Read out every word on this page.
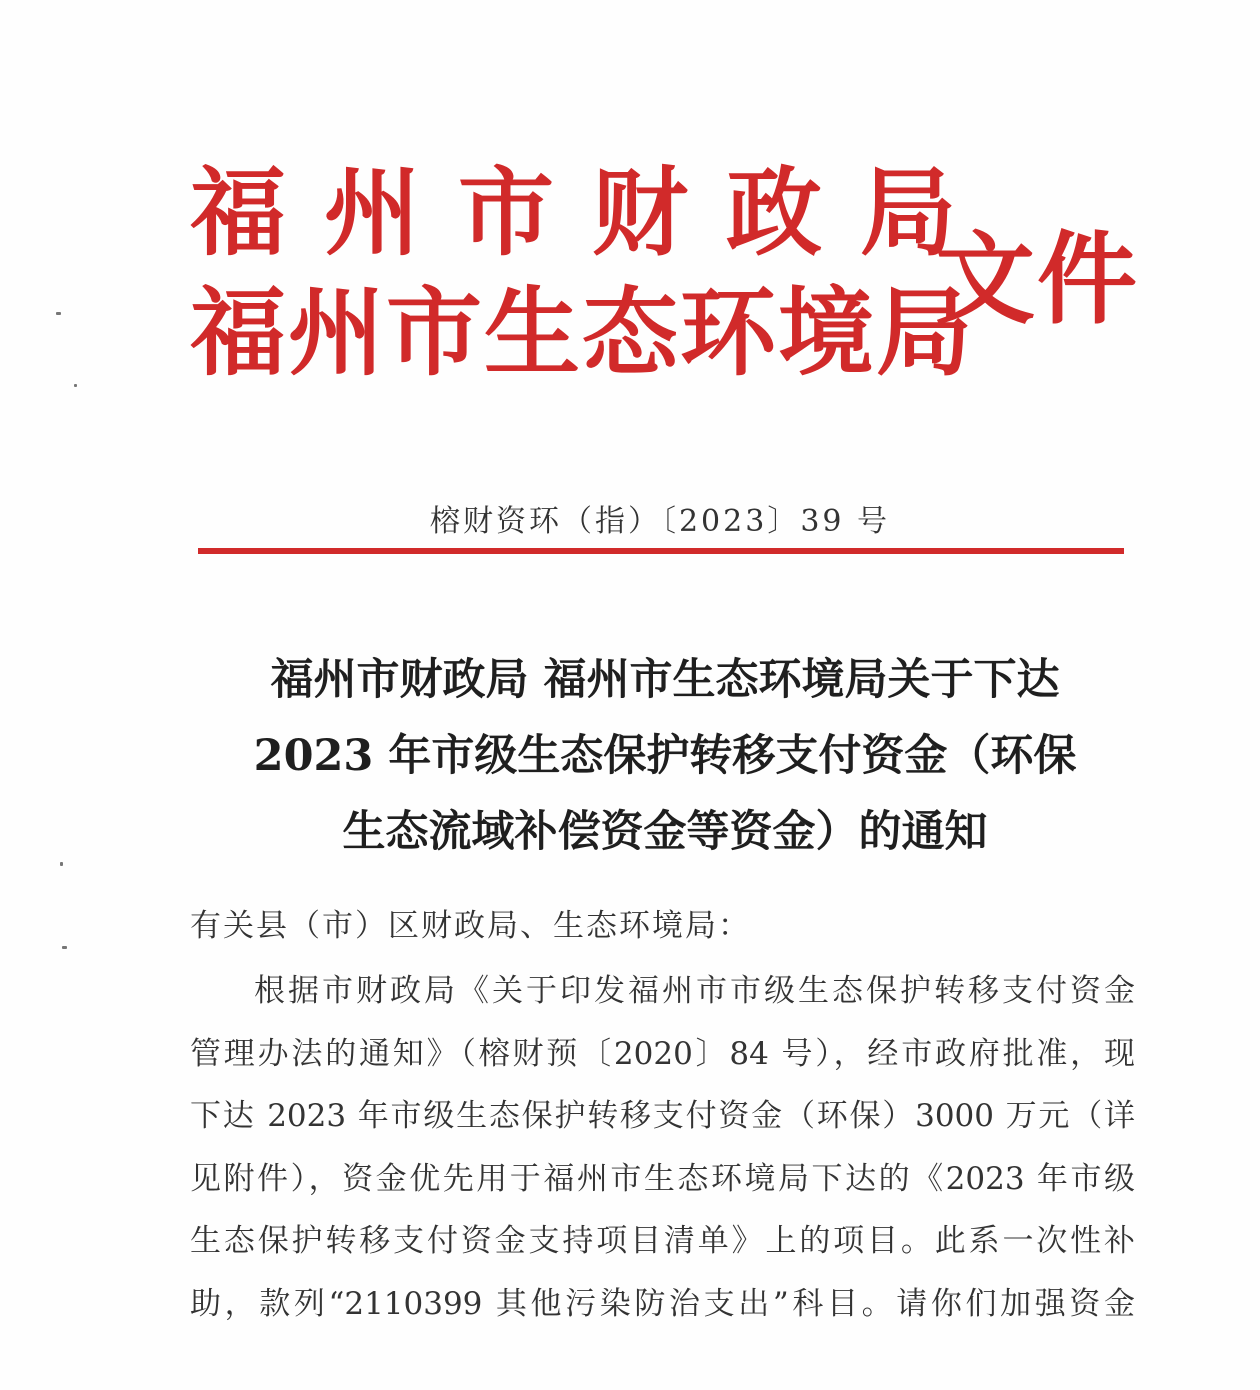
福州市财政局
福州市生态环境局
文件
榕财资环（指）〔2023〕39 号
福州市财政局 福州市生态环境局关于下达
2023 年市级生态保护转移支付资金（环保
生态流域补偿资金等资金）的通知
有关县（市）区财政局、生态环境局：
根据市财政局《关于印发福州市市级生态保护转移支付资金
管理办法的通知》（榕财预〔2020〕84 号），经市政府批准，现
下达 2023 年市级生态保护转移支付资金（环保）3000 万元（详
见附件），资金优先用于福州市生态环境局下达的《2023 年市级
生态保护转移支付资金支持项目清单》上的项目。此系一次性补
助，款列“2110399 其他污染防治支出”科目。请你们加强资金
